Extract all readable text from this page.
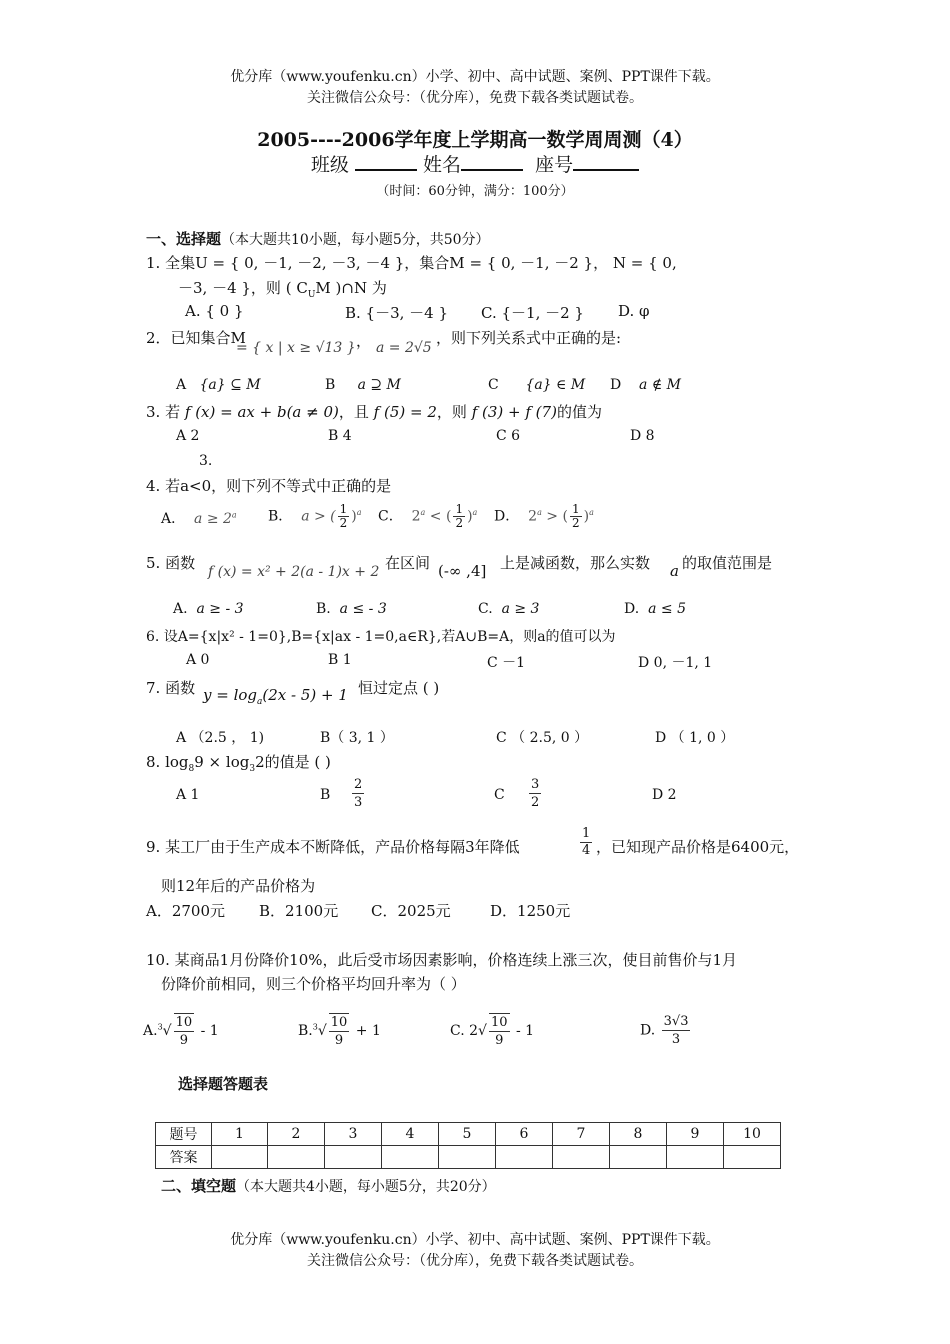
优分库（www.youfenku.cn）小学、初中、高中试题、案例、PPT课件下载。
关注微信公众号：（优分库），免费下载各类试题试卷。
2005----2006学年度上学期高一数学周周测（4）
班级	姓名	座号
（时间：60分钟，满分：100分）
一、选择题（本大题共10小题，每小题5分，共50分）
1. 全集U = { 0, －1, －2, －3, －4 }，集合M = { 0, －1, －2 }， N = { 0,
－3, －4 }，则 ( $C_UM$ )∩N 为
A. { 0 }	B. {－3, －4 } C. {－1, －2 } D. φ
2．已知集合M
= { x | x ≥ √13 } ， a = 2√5
，则下列关系式中正确的是:
A {a} ⊆ M	B a ⊇ M	C {a} ∈ M D a ∉ M
3. 若 f (x) = ax + b(a ≠ 0)，且 f (5) = 2，则 f (3) + f (7)的值为
A 2	B 4	C 6	D 8
3.
4. 若a<0，则下列不等式中正确的是
A． $a \ge 2^a$ B． a > ( $\frac{1}{2} )^a$ C． $2^a$ < ( $\frac{1}{2} )^a$ D． $2^a$ > ( $\frac{1}{2} )^a$
5. 函数 f (x) = x² + 2(a - 1)x + 2 在区间 (-∞ ,4] 上是减函数，那么实数 a 的取值范围是
A. a ≥ - 3	B. a ≤ - 3	C. a ≥ 3	D. a ≤ 5
6. 设A={x|x² - 1=0},B={x|ax - 1=0,a∈R},若A∪B=A，则a的值可以为
A 0	B 1	C －1	D 0, －1, 1
7. 函数 $y = \log_a(2x - 5) + 1$ 恒过定点 ( )
A （2.5 ， 1)	B（ 3, 1 ）	C （ 2.5, 0 ）	D （ 1, 0 ）
8. $\log_89 \times \log_32$的值是 ( )
A 1	B $\frac{2}{3}$	C $\frac{3}{2}$	D 2
9. 某工厂由于生产成本不断降低，产品价格每隔3年降低	$\frac{1}{4}$ ，已知现产品价格是6400元，
则12年后的产品价格为
A．2700元 B．2100元 C．2025元	D．1250元
10. 某商品1月份降价10%，此后受市场因素影响，价格连续上涨三次，使目前售价与1月
份降价前相同，则三个价格平均回升率为（ ）
$A.^3√ \frac{10}{9} - 1$	$B.^3√ \frac{10}{9} + 1$	C. $2√ \frac{10}{9} - 1$	D. $\frac{3√3}{3}$
选择题答题表
题号	1	2	3	4	5	6	7	8	9	10
答案										
二、填空题（本大题共4小题，每小题5分，共20分）
优分库（www.youfenku.cn）小学、初中、高中试题、案例、PPT课件下载。
关注微信公众号：（优分库），免费下载各类试题试卷。
